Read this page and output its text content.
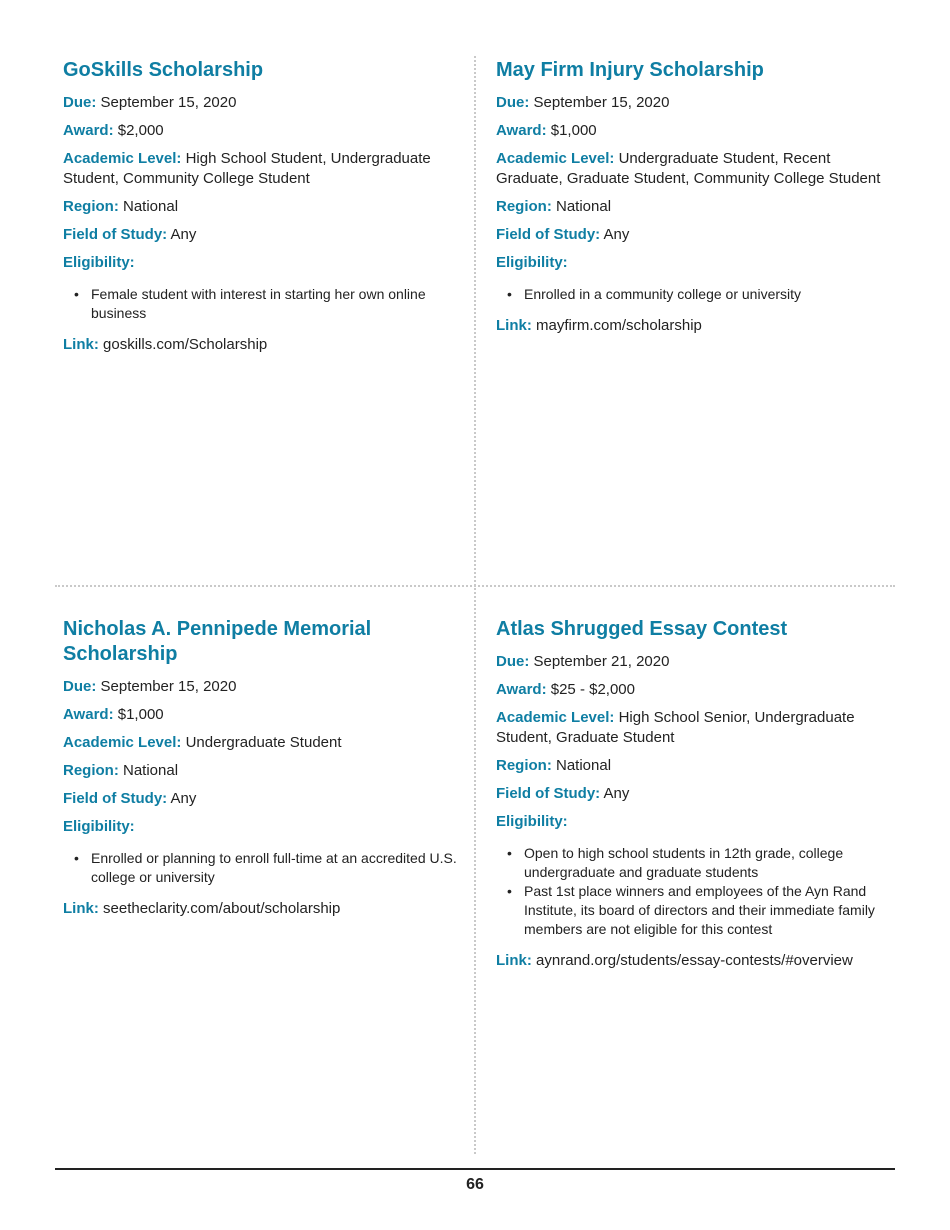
GoSkills Scholarship

Due: September 15, 2020

Award: $2,000

Academic Level: High School Student, Undergraduate Student, Community College Student

Region: National

Field of Study: Any

Eligibility:

• Female student with interest in starting her own online business

Link: goskills.com/Scholarship

May Firm Injury Scholarship

Due: September 15, 2020

Award: $1,000

Academic Level: Undergraduate Student, Recent Graduate, Graduate Student, Community College Student

Region: National

Field of Study: Any

Eligibility:

• Enrolled in a community college or university

Link: mayfirm.com/scholarship

Nicholas A. Pennipede Memorial Scholarship

Due: September 15, 2020

Award: $1,000

Academic Level: Undergraduate Student

Region: National

Field of Study: Any

Eligibility:

• Enrolled or planning to enroll full-time at an accredited U.S. college or university

Link: seetheclarity.com/about/scholarship

Atlas Shrugged Essay Contest

Due: September 21, 2020

Award: $25 - $2,000

Academic Level: High School Senior, Undergraduate Student, Graduate Student

Region: National

Field of Study: Any

Eligibility:

• Open to high school students in 12th grade, college undergraduate and graduate students
• Past 1st place winners and employees of the Ayn Rand Institute, its board of directors and their immediate family members are not eligible for this contest

Link: aynrand.org/students/essay-contests/#overview

66
